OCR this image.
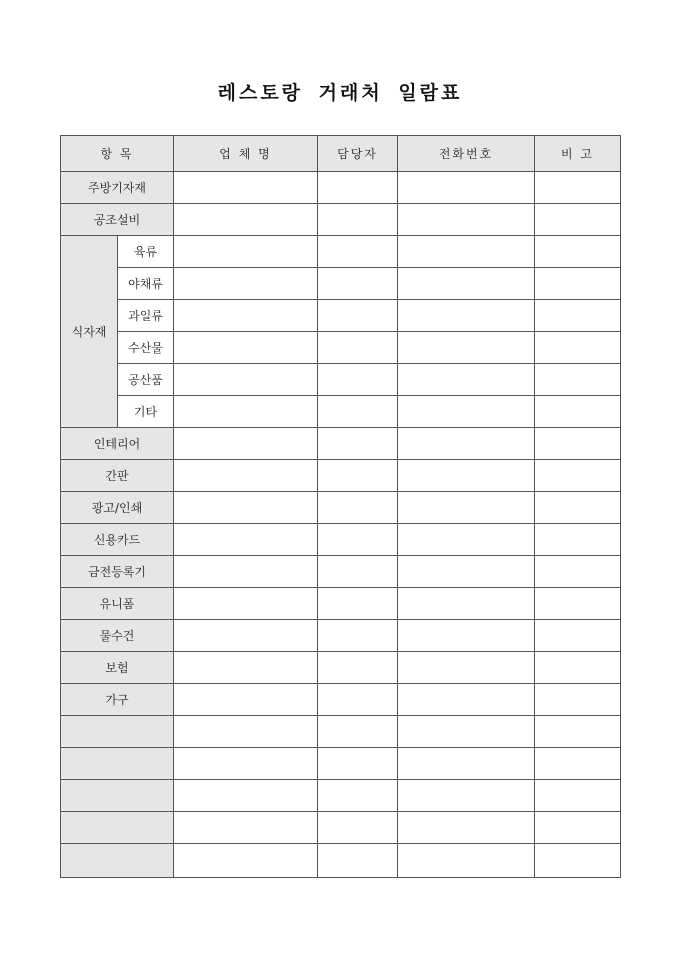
레스토랑 거래처 일람표
항 목		업 체 명	담당자	전화번호	비 고
주방기자재					
공조설비					
식자재	육류				
	야채류				
	과일류				
	수산물				
	공산품				
	기타				
인테리어					
간판					
광고/인쇄					
신용카드					
금전등록기					
유니폼					
물수건					
보험					
가구					
